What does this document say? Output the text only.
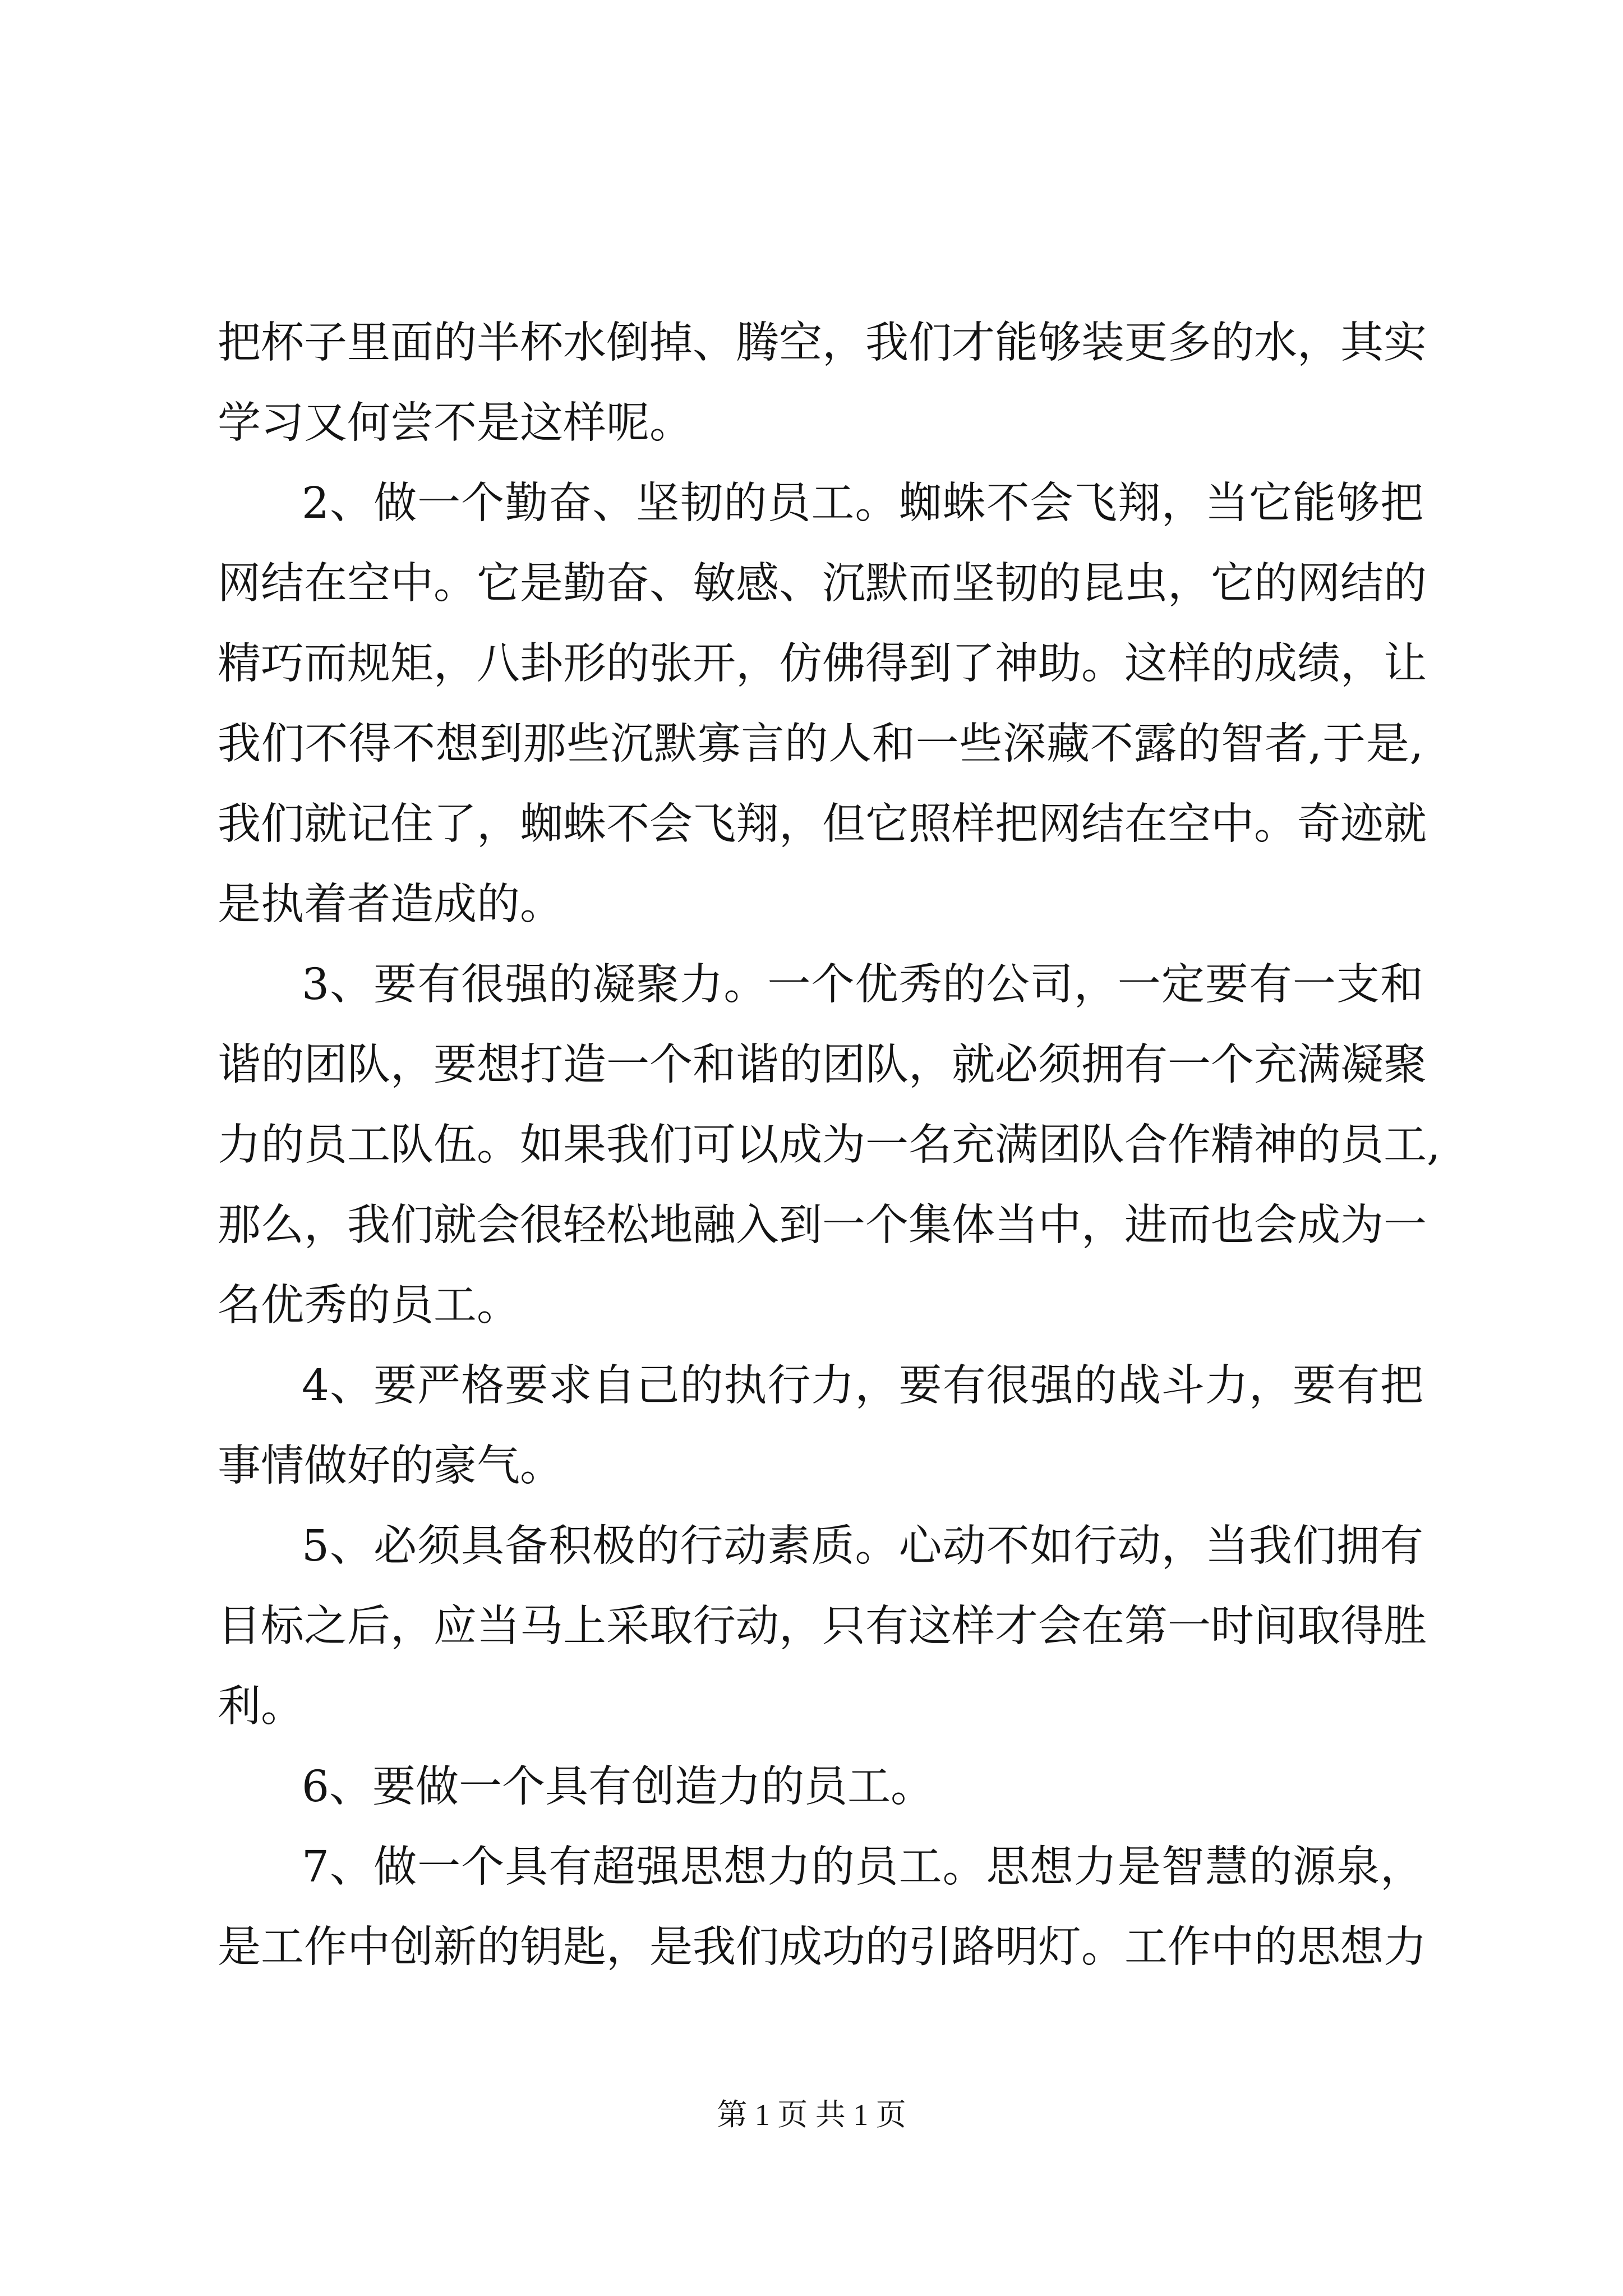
把杯子里面的半杯水倒掉、腾空，我们才能够装更多的水，其实
学习又何尝不是这样呢。

2、做一个勤奋、坚韧的员工。蜘蛛不会飞翔，当它能够把
网结在空中。它是勤奋、敏感、沉默而坚韧的昆虫，它的网结的
精巧而规矩，八卦形的张开，仿佛得到了神助。这样的成绩，让
我们不得不想到那些沉默寡言的人和一些深藏不露的智者,于是,
我们就记住了，蜘蛛不会飞翔，但它照样把网结在空中。奇迹就
是执着者造成的。

3、要有很强的凝聚力。一个优秀的公司，一定要有一支和
谐的团队，要想打造一个和谐的团队，就必须拥有一个充满凝聚
力的员工队伍。如果我们可以成为一名充满团队合作精神的员工,
那么，我们就会很轻松地融入到一个集体当中，进而也会成为一
名优秀的员工。

4、要严格要求自己的执行力，要有很强的战斗力，要有把
事情做好的豪气。

5、必须具备积极的行动素质。心动不如行动，当我们拥有
目标之后，应当马上采取行动，只有这样才会在第一时间取得胜
利。

6、要做一个具有创造力的员工。

7、做一个具有超强思想力的员工。思想力是智慧的源泉，
是工作中创新的钥匙，是我们成功的引路明灯。工作中的思想力

第 1 页 共 1 页
